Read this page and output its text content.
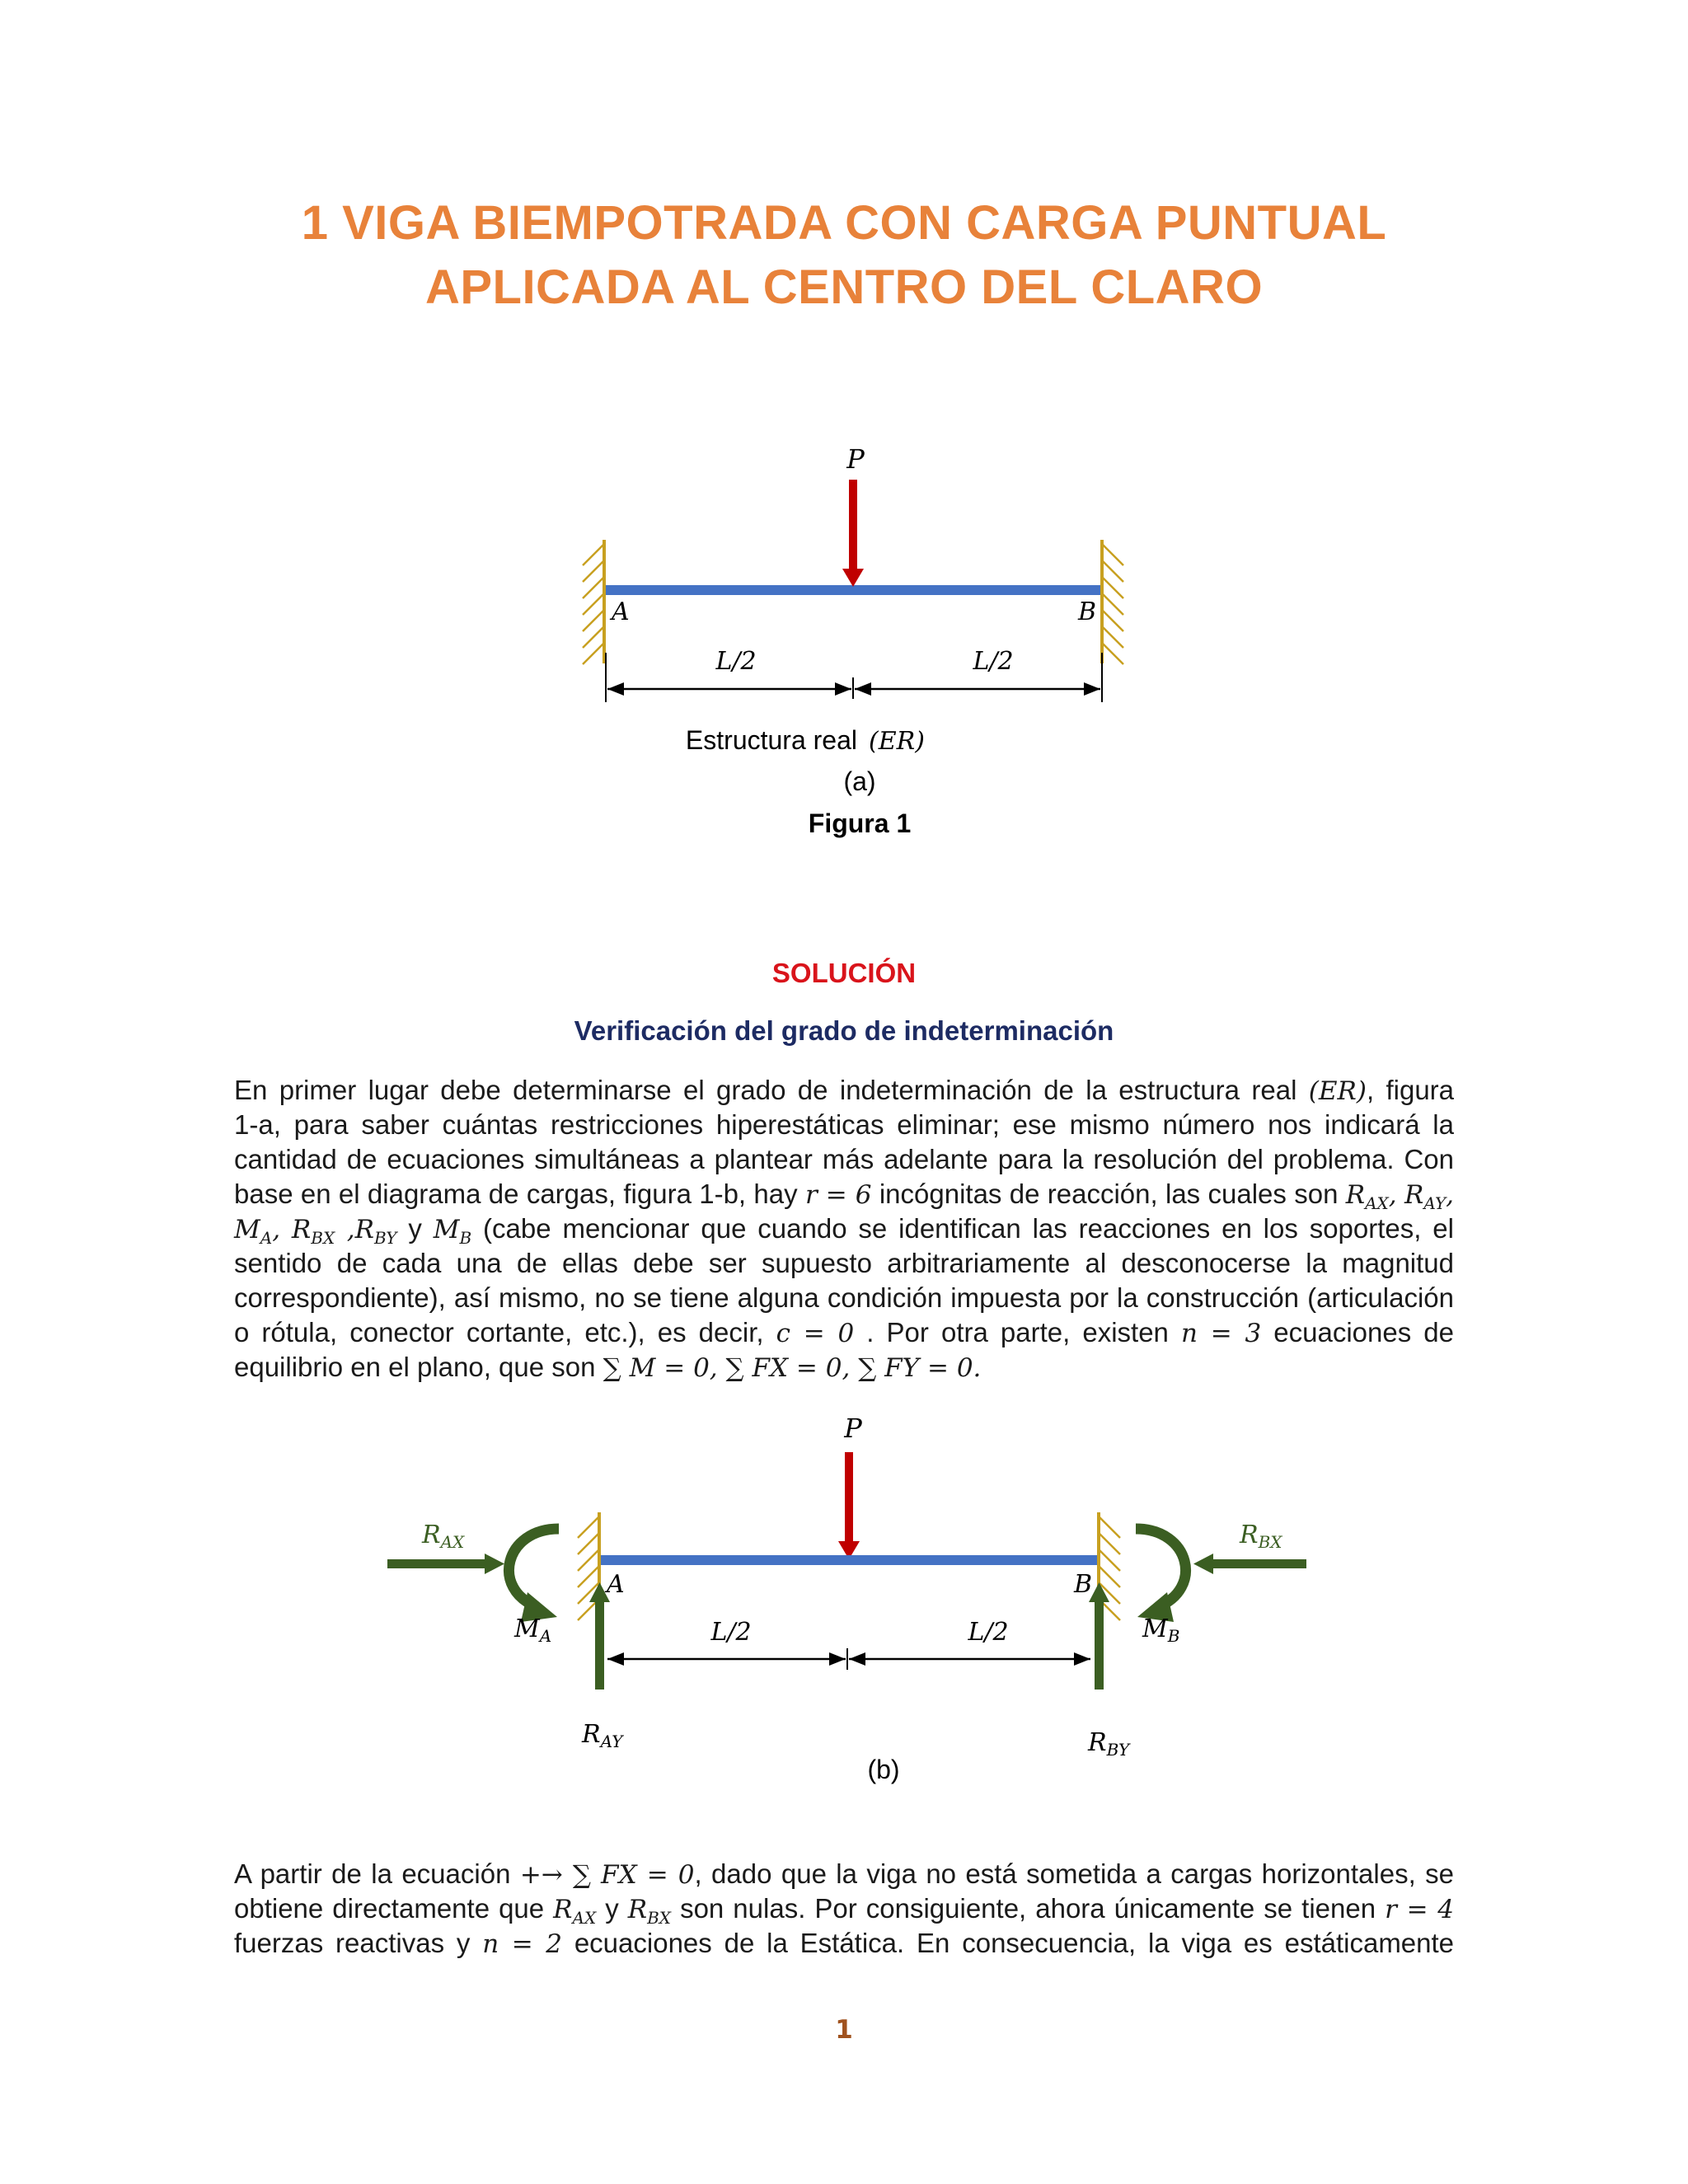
1 VIGA BIEMPOTRADA CON CARGA PUNTUAL
APLICADA AL CENTRO DEL CLARO
P
A	B
L/2	L/2
Estructura real (ER)
(a)
Figura 1
SOLUCIÓN
Verificación del grado de indeterminación
En primer lugar debe determinarse el grado de indeterminación de la estructura real (ER), figura
1-a, para saber cuántas restricciones hiperestáticas eliminar; ese mismo número nos indicará la
cantidad de ecuaciones simultáneas a plantear más adelante para la resolución del problema. Con
base en el diagrama de cargas, figura 1-b, hay r = 6 incógnitas de reacción, las cuales son $R_{AX}$, $R_{AY}$,
$M_A$, $R_{BX}$ $,R_{BY}$ y $M_B$ (cabe mencionar que cuando se identifican las reacciones en los soportes, el
sentido de cada una de ellas debe ser supuesto arbitrariamente al desconocerse la magnitud
correspondiente), así mismo, no se tiene alguna condición impuesta por la construcción (articulación
o rótula, conector cortante, etc.), es decir, c = 0 . Por otra parte, existen n = 3 ecuaciones de
equilibrio en el plano, que son ∑ M = 0, ∑ FX = 0, ∑ FY = 0.
P
A	B
$R_{AX}$	$R_{BX}$
$M_A$	$M_B$
$R_{AY}$	$R_{BY}$
L/2	L/2
(b)
A partir de la ecuación +→ ∑ FX = 0, dado que la viga no está sometida a cargas horizontales, se
obtiene directamente que $R_{AX}$ y $R_{BX}$ son nulas. Por consiguiente, ahora únicamente se tienen r = 4
fuerzas reactivas y n = 2 ecuaciones de la Estática. En consecuencia, la viga es estáticamente
1
